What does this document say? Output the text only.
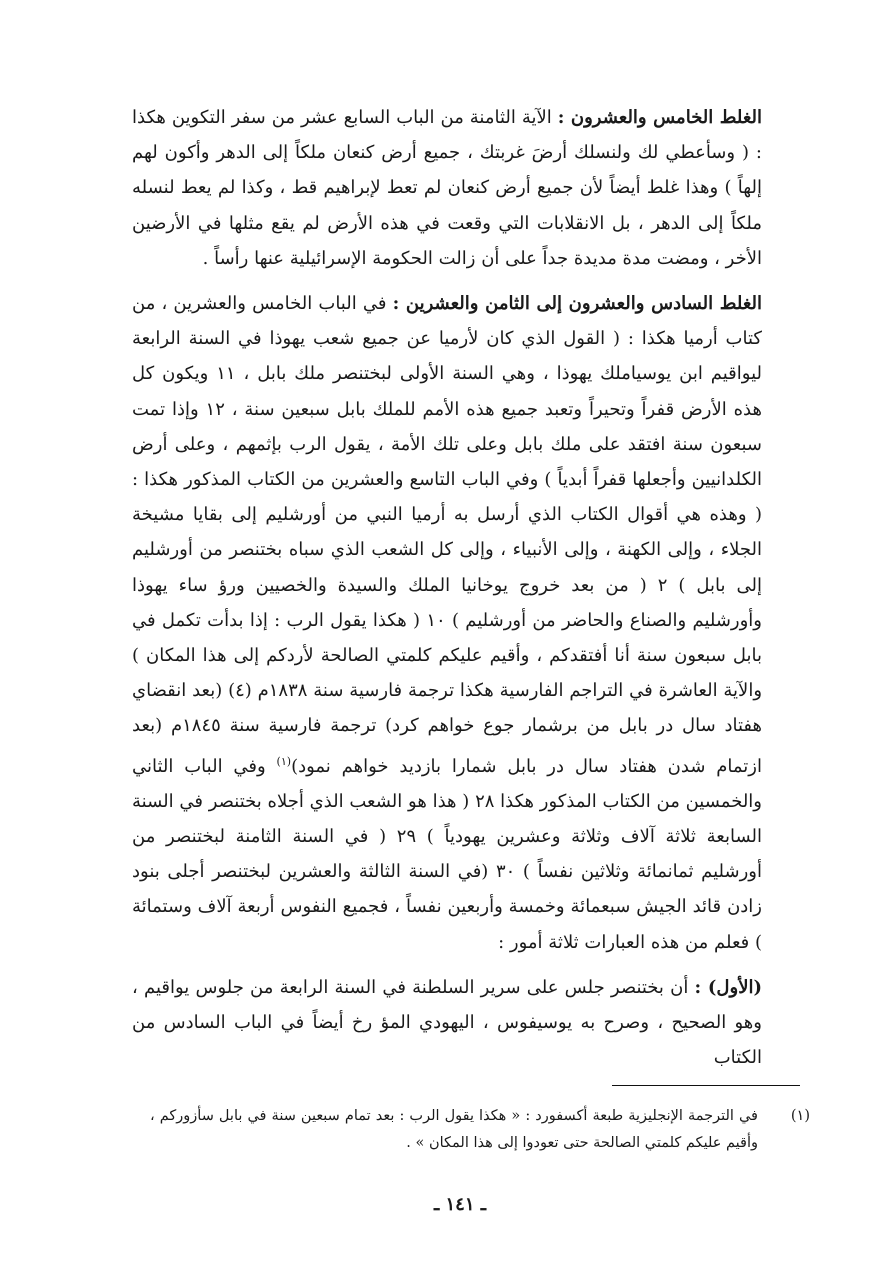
الغلط الخامس والعشرون : الآية الثامنة من الباب السابع عشر من سفر التكوين هكذا : ( وسأعطي لك ولنسلك أرضَ غربتك ، جميع أرض كنعان ملكاً إلى الدهر وأكون لهم إلهاً ) وهذا غلط أيضاً لأن جميع أرض كنعان لم تعط لإبراهيم قط ، وكذا لم يعط لنسله ملكاً إلى الدهر ، بل الانقلابات التي وقعت في هذه الأرض لم يقع مثلها في الأرضين الأخر ، ومضت مدة مديدة جداً على أن زالت الحكومة الإسرائيلية عنها رأساً .

الغلط السادس والعشرون إلى الثامن والعشرين : في الباب الخامس والعشرين ، من كتاب أرميا هكذا : ( القول الذي كان لأرميا عن جميع شعب يهوذا في السنة الرابعة ليواقيم ابن يوسياملك يهوذا ، وهي السنة الأولى لبختنصر ملك بابل ، ١١ ويكون كل هذه الأرض قفراً وتحيراً وتعبد جميع هذه الأمم للملك بابل سبعين سنة ، ١٢ وإذا تمت سبعون سنة افتقد على ملك بابل وعلى تلك الأمة ، يقول الرب بإثمهم ، وعلى أرض الكلدانيين وأجعلها قفراً أبدياً ) وفي الباب التاسع والعشرين من الكتاب المذكور هكذا : ( وهذه هي أقوال الكتاب الذي أرسل به أرميا النبي من أورشليم إلى بقايا مشيخة الجلاء ، وإلى الكهنة ، وإلى الأنبياء ، وإلى كل الشعب الذي سباه بختنصر من أورشليم إلى بابل ) ٢ ( من بعد خروج يوخانيا الملك والسيدة والخصيين ورؤ ساء يهوذا وأورشليم والصناع والحاضر من أورشليم ) ١٠ ( هكذا يقول الرب : إذا بدأت تكمل في بابل سبعون سنة أنا أفتقدكم ، وأقيم عليكم كلمتي الصالحة لأردكم إلى هذا المكان ) والآية العاشرة في التراجم الفارسية هكذا ترجمة فارسية سنة ١٨٣٨م (٤) (بعد انقضاي هفتاد سال در بابل من برشمار جوع خواهم كرد) ترجمة فارسية سنة ١٨٤٥م (بعد ازتمام شدن هفتاد سال در بابل شمارا بازديد خواهم نمود)$^{(١)}$ وفي الباب الثاني والخمسين من الكتاب المذكور هكذا ٢٨ ( هذا هو الشعب الذي أجلاه بختنصر في السنة السابعة ثلاثة آلاف وثلاثة وعشرين يهودياً ) ٢٩ ( في السنة الثامنة لبختنصر من أورشليم ثمانمائة وثلاثين نفساً ) ٣٠ (في السنة الثالثة والعشرين لبختنصر أجلى بنود زادن قائد الجيش سبعمائة وخمسة وأربعين نفساً ، فجميع النفوس أربعة آلاف وستمائة ) فعلم من هذه العبارات ثلاثة أمور :

(الأول) : أن بختنصر جلس على سرير السلطنة في السنة الرابعة من جلوس يواقيم ، وهو الصحيح ، وصرح به يوسيفوس ، اليهودي المؤ رخ أيضاً في الباب السادس من الكتاب

(١)
في الترجمة الإنجليزية طبعة أكسفورد : « هكذا يقول الرب : بعد تمام سبعين سنة في بابل سأزوركم ، وأقيم عليكم كلمتي الصالحة حتى تعودوا إلى هذا المكان » .
ـ ١٤١ ـ
